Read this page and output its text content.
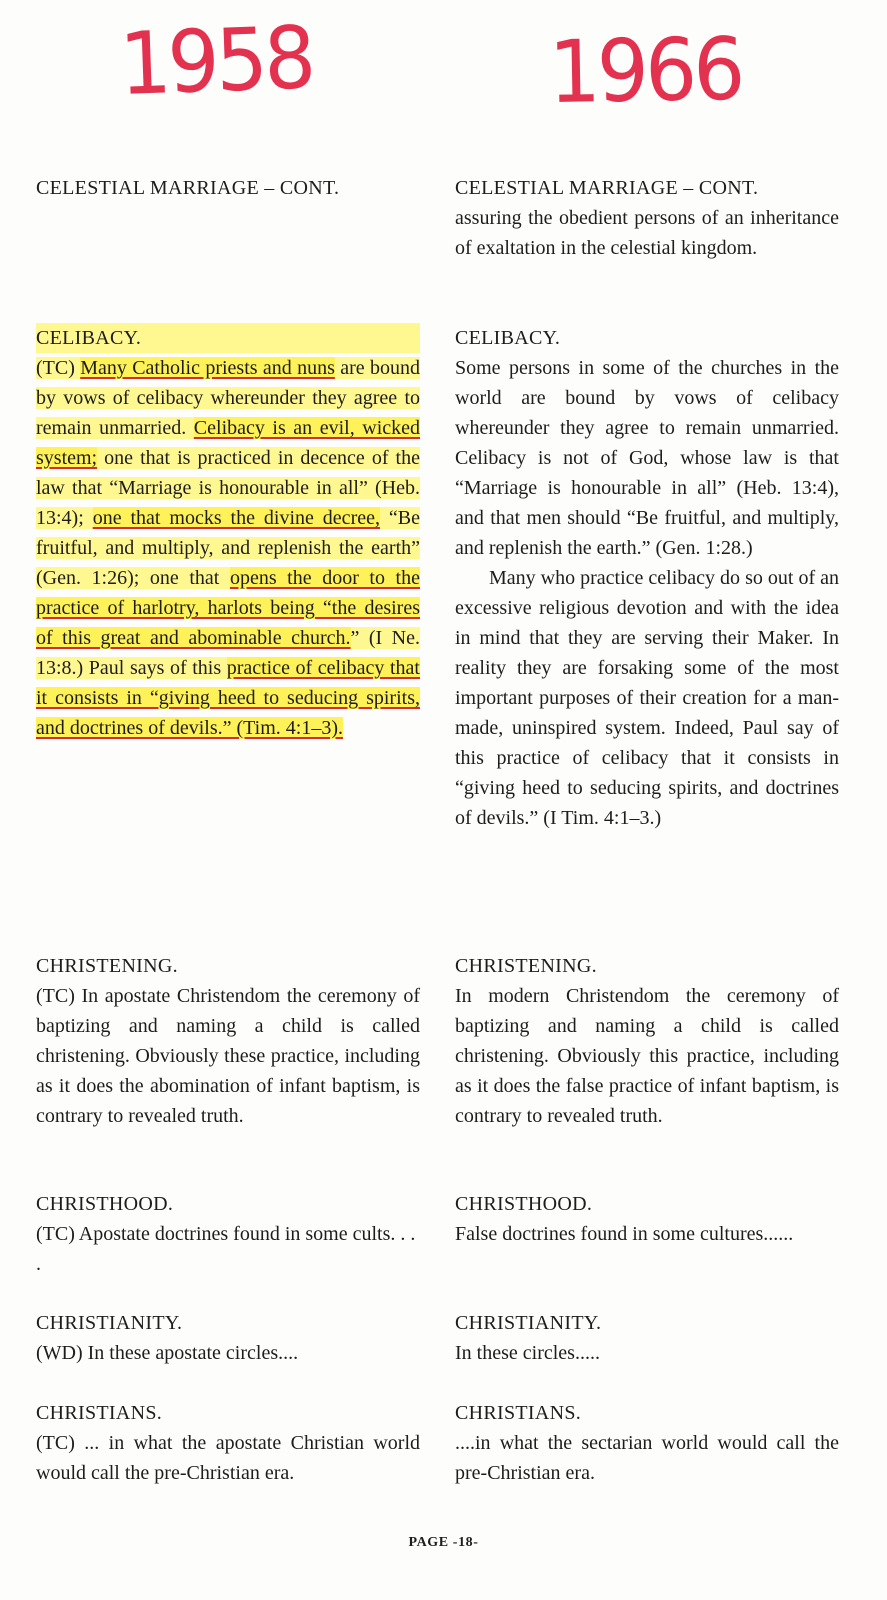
1958	1966
CELESTIAL MARRIAGE – CONT.
CELIBACY.
(TC) Many Catholic priests and nuns are bound by vows of celibacy whereunder they agree to remain unmarried. Celibacy is an evil, wicked system; one that is practiced in decence of the law that “Marriage is honourable in all” (Heb. 13:4); one that mocks the divine decree, “Be fruitful, and multiply, and replenish the earth” (Gen. 1:26); one that opens the door to the practice of harlotry, harlots being “the desires of this great and abominable church.” (I Ne. 13:8.) Paul says of this practice of celibacy that it consists in “giving heed to seducing spirits, and doctrines of devils.” (Tim. 4:1–3).
CHRISTENING.
(TC) In apostate Christendom the ceremony of baptizing and naming a child is called christening. Obviously these practice, including as it does the abomination of infant baptism, is contrary to revealed truth.
CHRISTHOOD.
(TC) Apostate doctrines found in some cults. . . .
CHRISTIANITY.
(WD) In these apostate circles....
CHRISTIANS.
(TC) ... in what the apostate Christian world would call the pre-Christian era.
CELESTIAL MARRIAGE – CONT.
assuring the obedient persons of an inheritance of exaltation in the celestial kingdom.
CELIBACY.

Some persons in some of the churches in the world are bound by vows of celibacy whereunder they agree to remain unmarried. Celibacy is not of God, whose law is that “Marriage is honourable in all” (Heb. 13:4), and that men should “Be fruitful, and multiply, and replenish the earth.” (Gen. 1:28.)

Many who practice celibacy do so out of an excessive religious devotion and with the idea in mind that they are serving their Maker. In reality they are forsaking some of the most important purposes of their creation for a man-made, uninspired system. Indeed, Paul say of this practice of celibacy that it consists in “giving heed to seducing spirits, and doctrines of devils.” (I Tim. 4:1–3.)

CHRISTENING.
In modern Christendom the ceremony of baptizing and naming a child is called christening. Obviously this practice, including as it does the false practice of infant baptism, is contrary to revealed truth.
CHRISTHOOD.
False doctrines found in some cultures......
CHRISTIANITY.
In these circles.....
CHRISTIANS.
....in what the sectarian world would call the pre-Christian era.
PAGE -18-
